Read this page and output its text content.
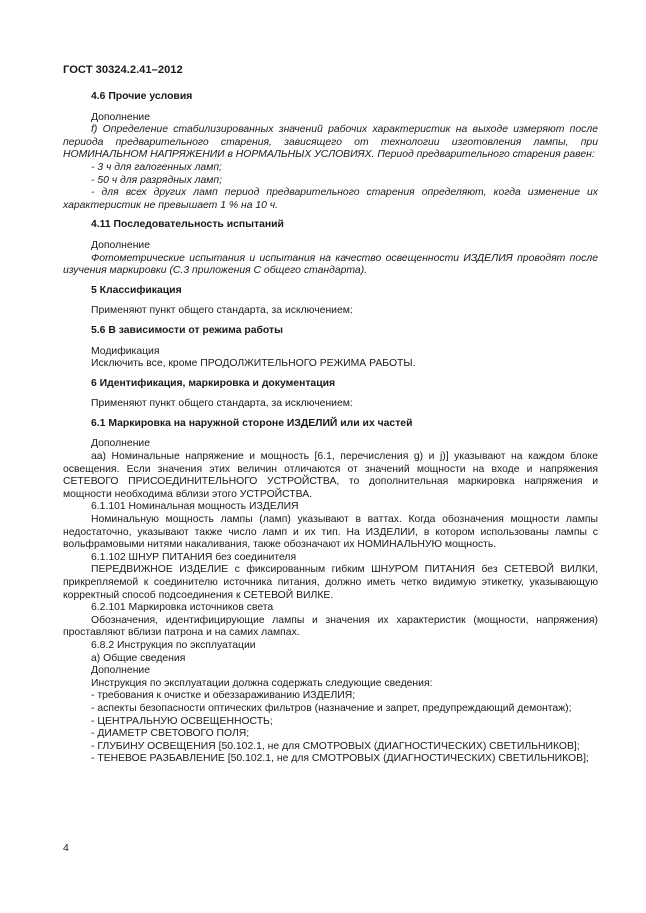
ГОСТ 30324.2.41–2012
4.6 Прочие условия
Дополнение
f) Определение стабилизированных значений рабочих характеристик на выходе измеряют после периода предварительного старения, зависящего от технологии изготовления лампы, при НОМИНАЛЬНОМ НАПРЯЖЕНИИ в НОРМАЛЬНЫХ УСЛОВИЯХ. Период предварительного старения равен:
- 3 ч для галогенных ламп;
- 50 ч для разрядных ламп;
- для всех других ламп период предварительного старения определяют, когда изменение их характеристик не превышает 1 % на 10 ч.
4.11 Последовательность испытаний
Дополнение
Фотометрические испытания и испытания на качество освещенности ИЗДЕЛИЯ проводят после изучения маркировки (С.3 приложения С общего стандарта).
5 Классификация
Применяют пункт общего стандарта, за исключением:
5.6 В зависимости от режима работы
Модификация
Исключить все, кроме ПРОДОЛЖИТЕЛЬНОГО РЕЖИМА РАБОТЫ.
6 Идентификация, маркировка и документация
Применяют пункт общего стандарта, за исключением:
6.1 Маркировка на наружной стороне ИЗДЕЛИЙ или их частей
Дополнение
аа) Номинальные напряжение и мощность [6.1, перечисления g) и j)] указывают на каждом блоке освещения. Если значения этих величин отличаются от значений мощности на входе и напряжения СЕТЕВОГО ПРИСОЕДИНИТЕЛЬНОГО УСТРОЙСТВА, то дополнительная маркировка напряжения и мощности необходима вблизи этого УСТРОЙСТВА.
6.1.101 Номинальная мощность ИЗДЕЛИЯ
Номинальную мощность лампы (ламп) указывают в ваттах. Когда обозначения мощности лампы недостаточно, указывают также число ламп и их тип. На ИЗДЕЛИИ, в котором использованы лампы с вольфрамовыми нитями накаливания, также обозначают их НОМИНАЛЬНУЮ мощность.
6.1.102 ШНУР ПИТАНИЯ без соединителя
ПЕРЕДВИЖНОЕ ИЗДЕЛИЕ с фиксированным гибким ШНУРОМ ПИТАНИЯ без СЕТЕВОЙ ВИЛКИ, прикрепляемой к соединителю источника питания, должно иметь четко видимую этикетку, указывающую корректный способ подсоединения к СЕТЕВОЙ ВИЛКЕ.
6.2.101 Маркировка источников света
Обозначения, идентифицирующие лампы и значения их характеристик (мощности, напряжения) проставляют вблизи патрона и на самих лампах.
6.8.2 Инструкция по эксплуатации
а) Общие сведения
Дополнение
Инструкция по эксплуатации должна содержать следующие сведения:
- требования к очистке и обеззараживанию ИЗДЕЛИЯ;
- аспекты безопасности оптических фильтров (назначение и запрет, предупреждающий демонтаж);
- ЦЕНТРАЛЬНУЮ ОСВЕЩЕННОСТЬ;
- ДИАМЕТР СВЕТОВОГО ПОЛЯ;
- ГЛУБИНУ ОСВЕЩЕНИЯ [50.102.1, не для СМОТРОВЫХ (ДИАГНОСТИЧЕСКИХ) СВЕТИЛЬНИКОВ];
- ТЕНЕВОЕ РАЗБАВЛЕНИЕ [50.102.1, не для СМОТРОВЫХ (ДИАГНОСТИЧЕСКИХ) СВЕТИЛЬНИКОВ];
4
